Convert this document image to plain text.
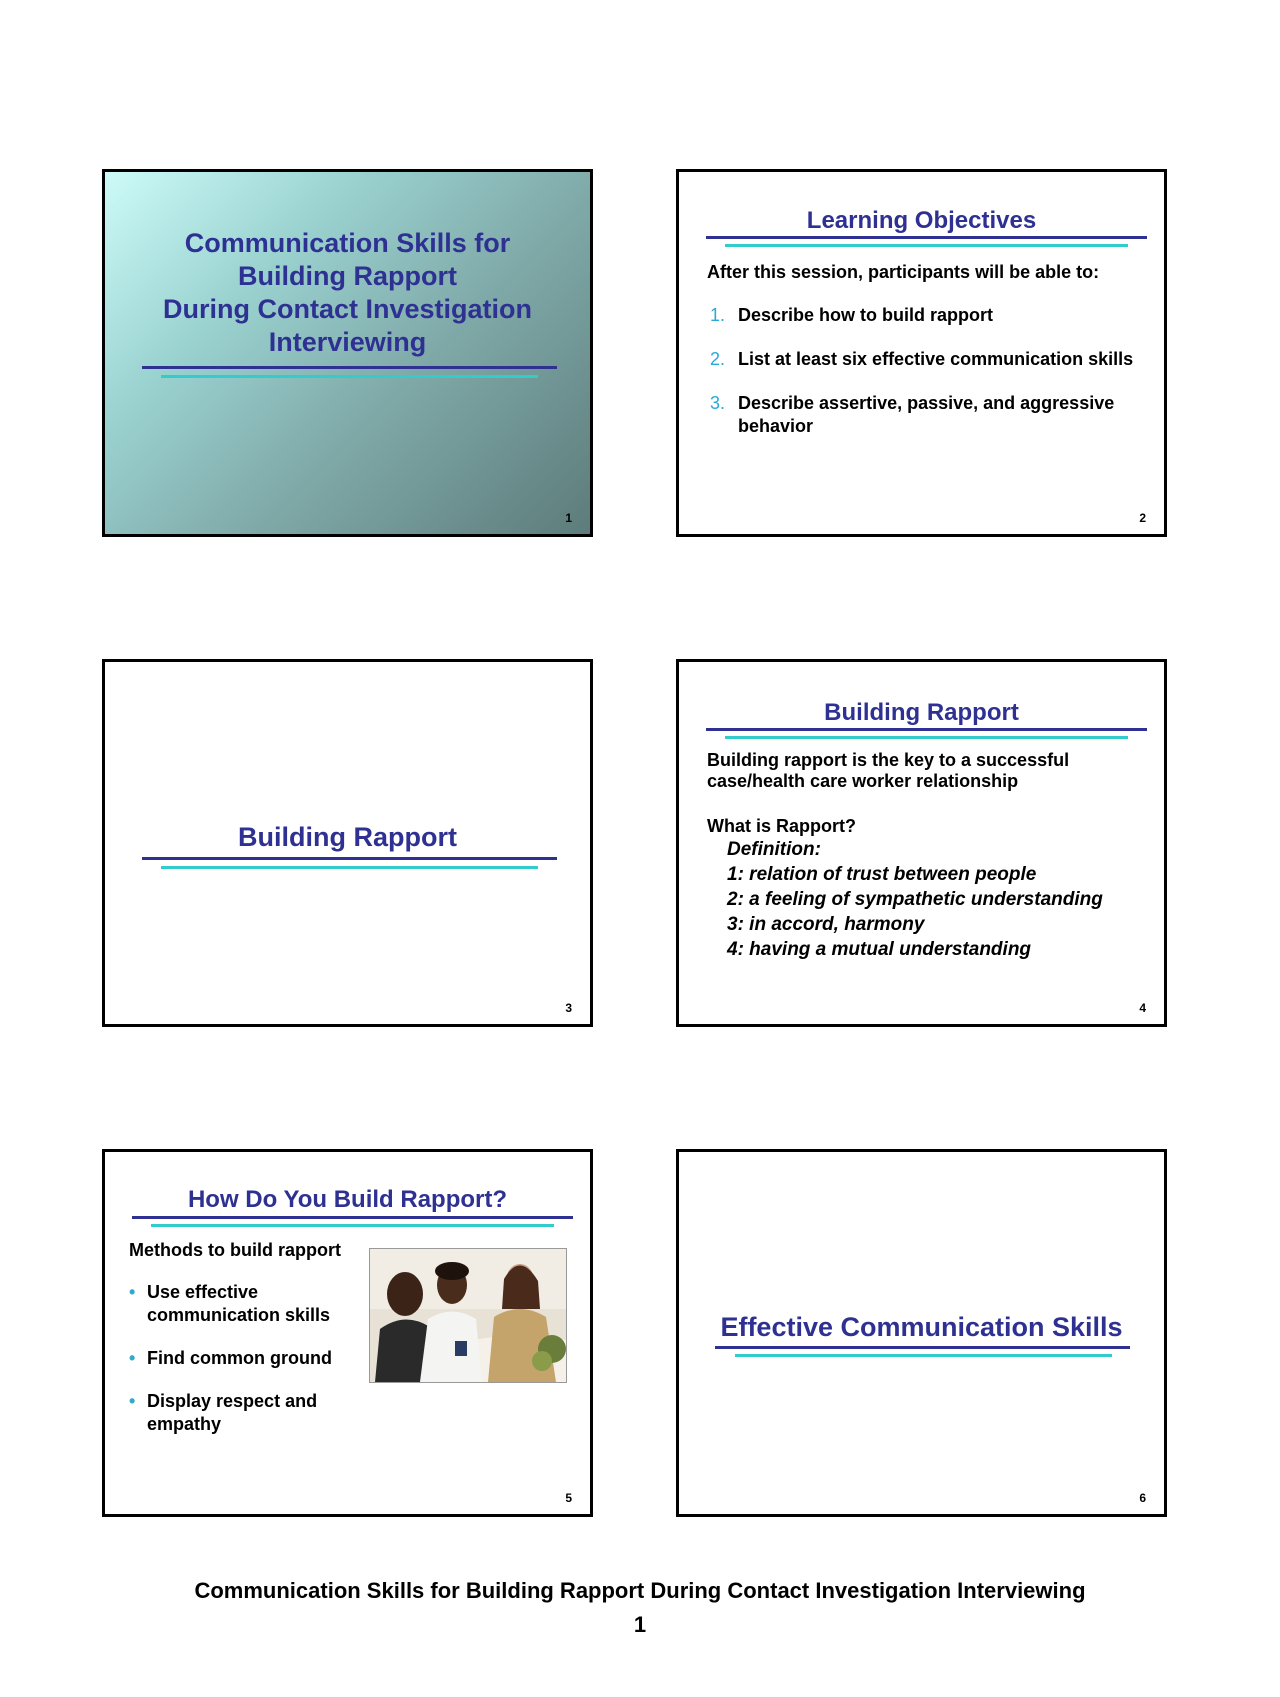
Communication Skills for
Building Rapport
During Contact Investigation
Interviewing
1
Learning Objectives
After this session, participants will be able to:
1. Describe how to build rapport
2. List at least six effective communication skills
3. Describe assertive, passive, and aggressive behavior
2
Building Rapport
3
Building Rapport
Building rapport is the key to a successful case/health care worker relationship
What is Rapport?
Definition:
1: relation of trust between people
2: a feeling of sympathetic understanding
3: in accord, harmony
4: having a mutual understanding
4
How Do You Build Rapport?
Methods to build rapport
• Use effective communication skills
• Find common ground
• Display respect and empathy
5
Effective Communication Skills
6
Communication Skills for Building Rapport During Contact Investigation Interviewing
1
